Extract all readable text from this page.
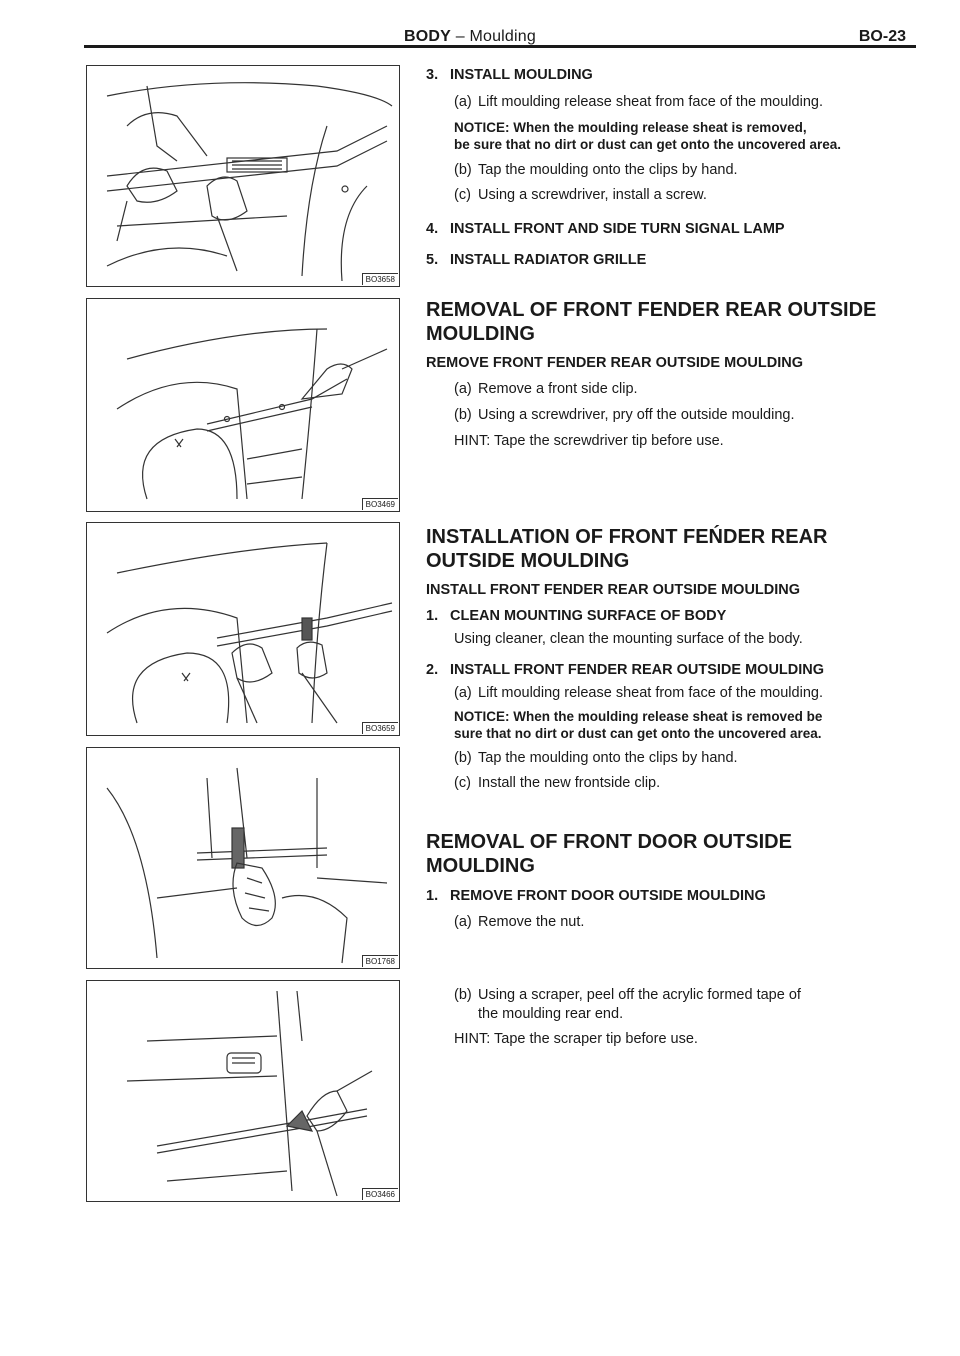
BODY – Moulding	BO-23
BO3658
BO3469
BO3659
BO1768
BO3466
3. INSTALL MOULDING
(a) Lift moulding release sheat from face of the moulding.
NOTICE: When the moulding release sheat is removed,
be sure that no dirt or dust can get onto the uncovered area.
(b) Tap the moulding onto the clips by hand.
(c) Using a screwdriver, install a screw.
4. INSTALL FRONT AND SIDE TURN SIGNAL LAMP
5. INSTALL RADIATOR GRILLE
REMOVAL OF FRONT FENDER REAR OUTSIDE
MOULDING
REMOVE FRONT FENDER REAR OUTSIDE MOULDING
(a) Remove a front side clip.
(b) Using a screwdriver, pry off the outside moulding.
HINT: Tape the screwdriver tip before use.
INSTALLATION OF FRONT FEŃDER REAR
OUTSIDE MOULDING
INSTALL FRONT FENDER REAR OUTSIDE MOULDING
1. CLEAN MOUNTING SURFACE OF BODY
Using cleaner, clean the mounting surface of the body.
2. INSTALL FRONT FENDER REAR OUTSIDE MOULDING
(a) Lift moulding release sheat from face of the moulding.
NOTICE: When the moulding release sheat is removed be
sure that no dirt or dust can get onto the uncovered area.
(b) Tap the moulding onto the clips by hand.
(c) Install the new frontside clip.
REMOVAL OF FRONT DOOR OUTSIDE
MOULDING
1. REMOVE FRONT DOOR OUTSIDE MOULDING
(a) Remove the nut.
(b) Using a scraper, peel off the acrylic formed tape of
the moulding rear end.
HINT: Tape the scraper tip before use.
